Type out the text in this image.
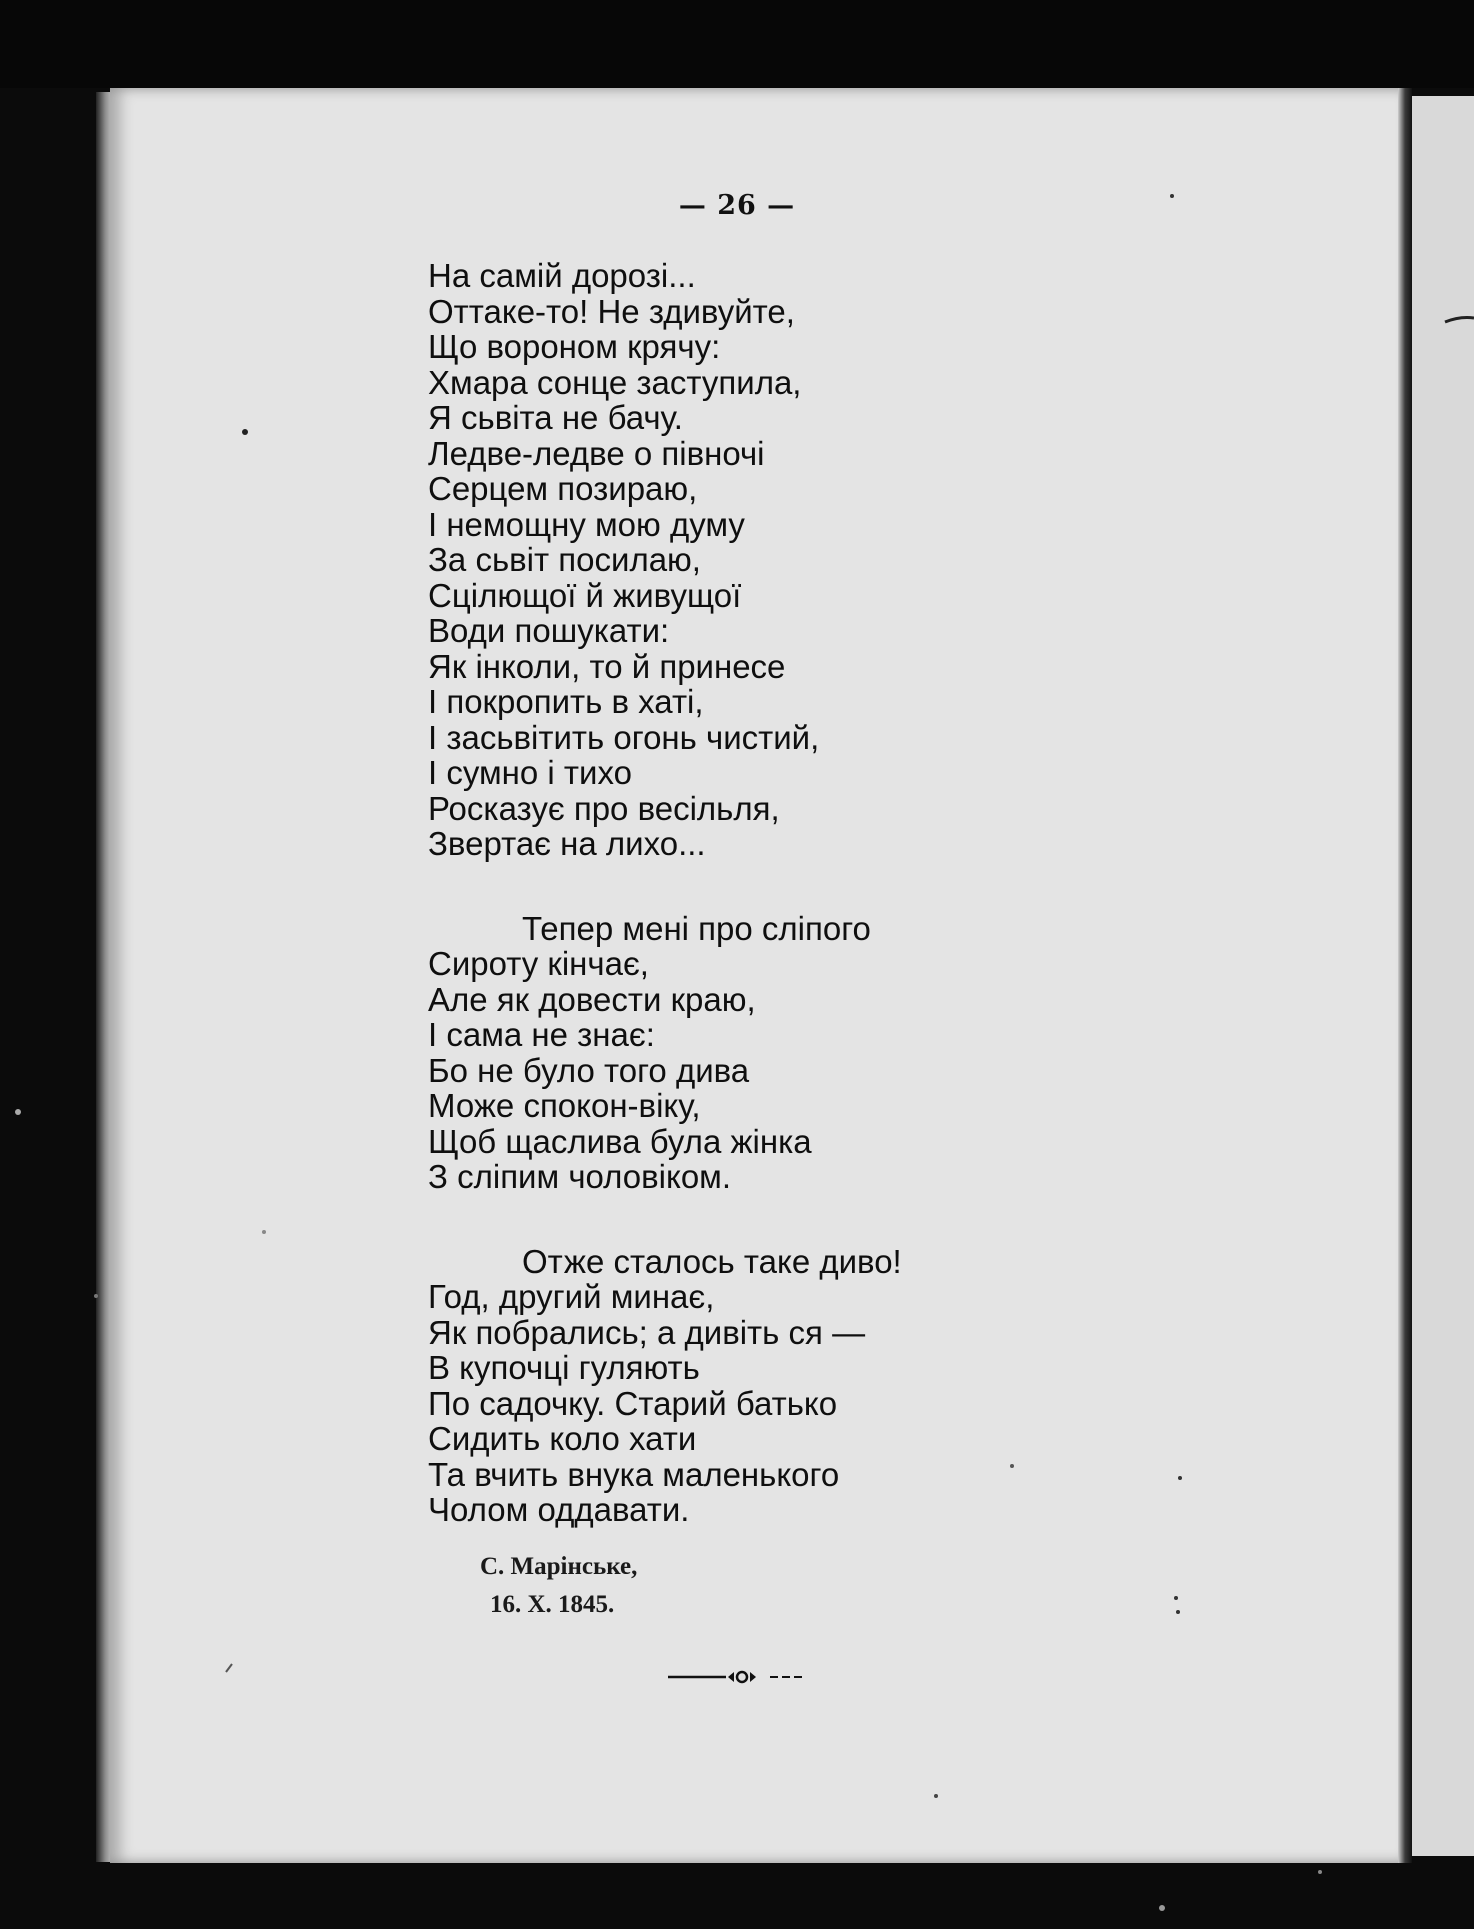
— 26 —
На самій дорозі...
Оттаке-то! Не здивуйте,
Що вороном крячу:
Хмара сонце заступила,
Я сьвіта не бачу.
Ледве-ледве о півночі
Серцем позираю,
І немощну мою думу
За сьвіт посилаю,
Сцілющої й живущої
Води пошукати:
Як інколи, то й принесе
І покропить в хаті,
І засьвітить огонь чистий,
І сумно і тихо
Росказує про весільля,
Звертає на лихо...
Тепер мені про сліпого
Сироту кінчає,
Але як довести краю,
І сама не знає:
Бо не було того дива
Може спокон-віку,
Щоб щаслива була жінка
З сліпим чоловіком.
Отже сталось таке диво!
Год, другий минає,
Як побрались; а дивіть ся —
В купочці гуляють
По садочку. Старий батько
Сидить коло хати
Та вчить внука маленького
Чолом оддавати.
С. Марінське,
16. X. 1845.
